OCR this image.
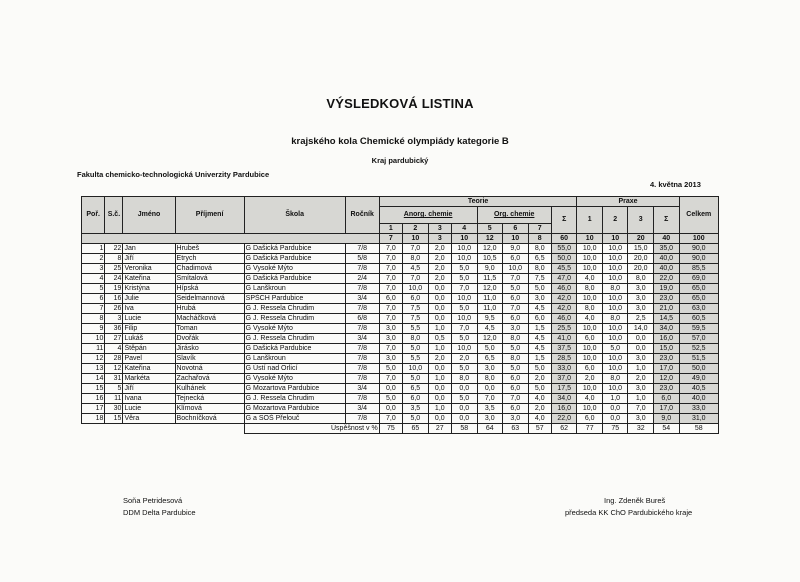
VÝSLEDKOVÁ LISTINA
krajského kola Chemické olympiády kategorie B
Kraj pardubický
Fakulta chemicko-technologická Univerzity Pardubice
4. května 2013
Poř.	S.č.	Jméno	Příjmení	Škola	Ročník	Teorie								Praxe				Celkem
						Anorg. chemie				Org. chemie			Σ	1	2	3	Σ	
						1	2	3	4	5	6	7						
						7	10	3	10	12	10	8	60	10	10	20	40	100
1	22	Jan	Hrubeš	G Dašická Pardubice	7/8	7,0	7,0	2,0	10,0	12,0	9,0	8,0	55,0	10,0	10,0	15,0	35,0	90,0
2	8	Jiří	Etrych	G Dašická Pardubice	5/8	7,0	8,0	2,0	10,0	10,5	6,0	6,5	50,0	10,0	10,0	20,0	40,0	90,0
3	25	Veronika	Chadimová	G Vysoké Mýto	7/8	7,0	4,5	2,0	5,0	9,0	10,0	8,0	45,5	10,0	10,0	20,0	40,0	85,5
4	24	Kateřina	Smítalová	G Dašická Pardubice	2/4	7,0	7,0	2,0	5,0	11,5	7,0	7,5	47,0	4,0	10,0	8,0	22,0	69,0
5	19	Kristýna	Hípská	G Lanškroun	7/8	7,0	10,0	0,0	7,0	12,0	5,0	5,0	46,0	8,0	8,0	3,0	19,0	65,0
6	16	Julie	Seidelmannová	SPŠCH Pardubice	3/4	6,0	6,0	0,0	10,0	11,0	6,0	3,0	42,0	10,0	10,0	3,0	23,0	65,0
7	26	Iva	Hrubá	G J. Ressela Chrudim	7/8	7,0	7,5	0,0	5,0	11,0	7,0	4,5	42,0	8,0	10,0	3,0	21,0	63,0
8	3	Lucie	Macháčková	G J. Ressela Chrudim	6/8	7,0	7,5	0,0	10,0	9,5	6,0	6,0	46,0	4,0	8,0	2,5	14,5	60,5
9	36	Filip	Toman	G Vysoké Mýto	7/8	3,0	5,5	1,0	7,0	4,5	3,0	1,5	25,5	10,0	10,0	14,0	34,0	59,5
10	27	Lukáš	Dvořák	G J. Ressela Chrudim	3/4	3,0	8,0	0,5	5,0	12,0	8,0	4,5	41,0	6,0	10,0	0,0	16,0	57,0
11	4	Štěpán	Jirásko	G Dašická Pardubice	7/8	7,0	5,0	1,0	10,0	5,0	5,0	4,5	37,5	10,0	5,0	0,0	15,0	52,5
12	28	Pavel	Slavík	G Lanškroun	7/8	3,0	5,5	2,0	2,0	6,5	8,0	1,5	28,5	10,0	10,0	3,0	23,0	51,5
13	12	Kateřina	Novotná	G Ústí nad Orlicí	7/8	5,0	10,0	0,0	5,0	3,0	5,0	5,0	33,0	6,0	10,0	1,0	17,0	50,0
14	31	Markéta	Zachařová	G Vysoké Mýto	7/8	7,0	5,0	1,0	8,0	8,0	6,0	2,0	37,0	2,0	8,0	2,0	12,0	49,0
15	5	Jiří	Kulhánek	G Mozartova Pardubice	3/4	0,0	6,5	0,0	0,0	0,0	6,0	5,0	17,5	10,0	10,0	3,0	23,0	40,5
16	11	Ivana	Tejnecká	G J. Ressela Chrudim	7/8	5,0	6,0	0,0	5,0	7,0	7,0	4,0	34,0	4,0	1,0	1,0	6,0	40,0
17	30	Lucie	Klímová	G Mozartova Pardubice	3/4	0,0	3,5	1,0	0,0	3,5	6,0	2,0	16,0	10,0	0,0	7,0	17,0	33,0
18	15	Věra	Bochníčková	G a SOŠ Přelouč	7/8	7,0	5,0	0,0	0,0	3,0	3,0	4,0	22,0	6,0	0,0	3,0	9,0	31,0
				Úspěšnost v %		75	65	27	58	64	63	57	62	77	75	32	54	58
Soňa Petridesová
DDM Delta Pardubice
Ing. Zdeněk Bureš
předseda KK ChO Pardubického kraje
